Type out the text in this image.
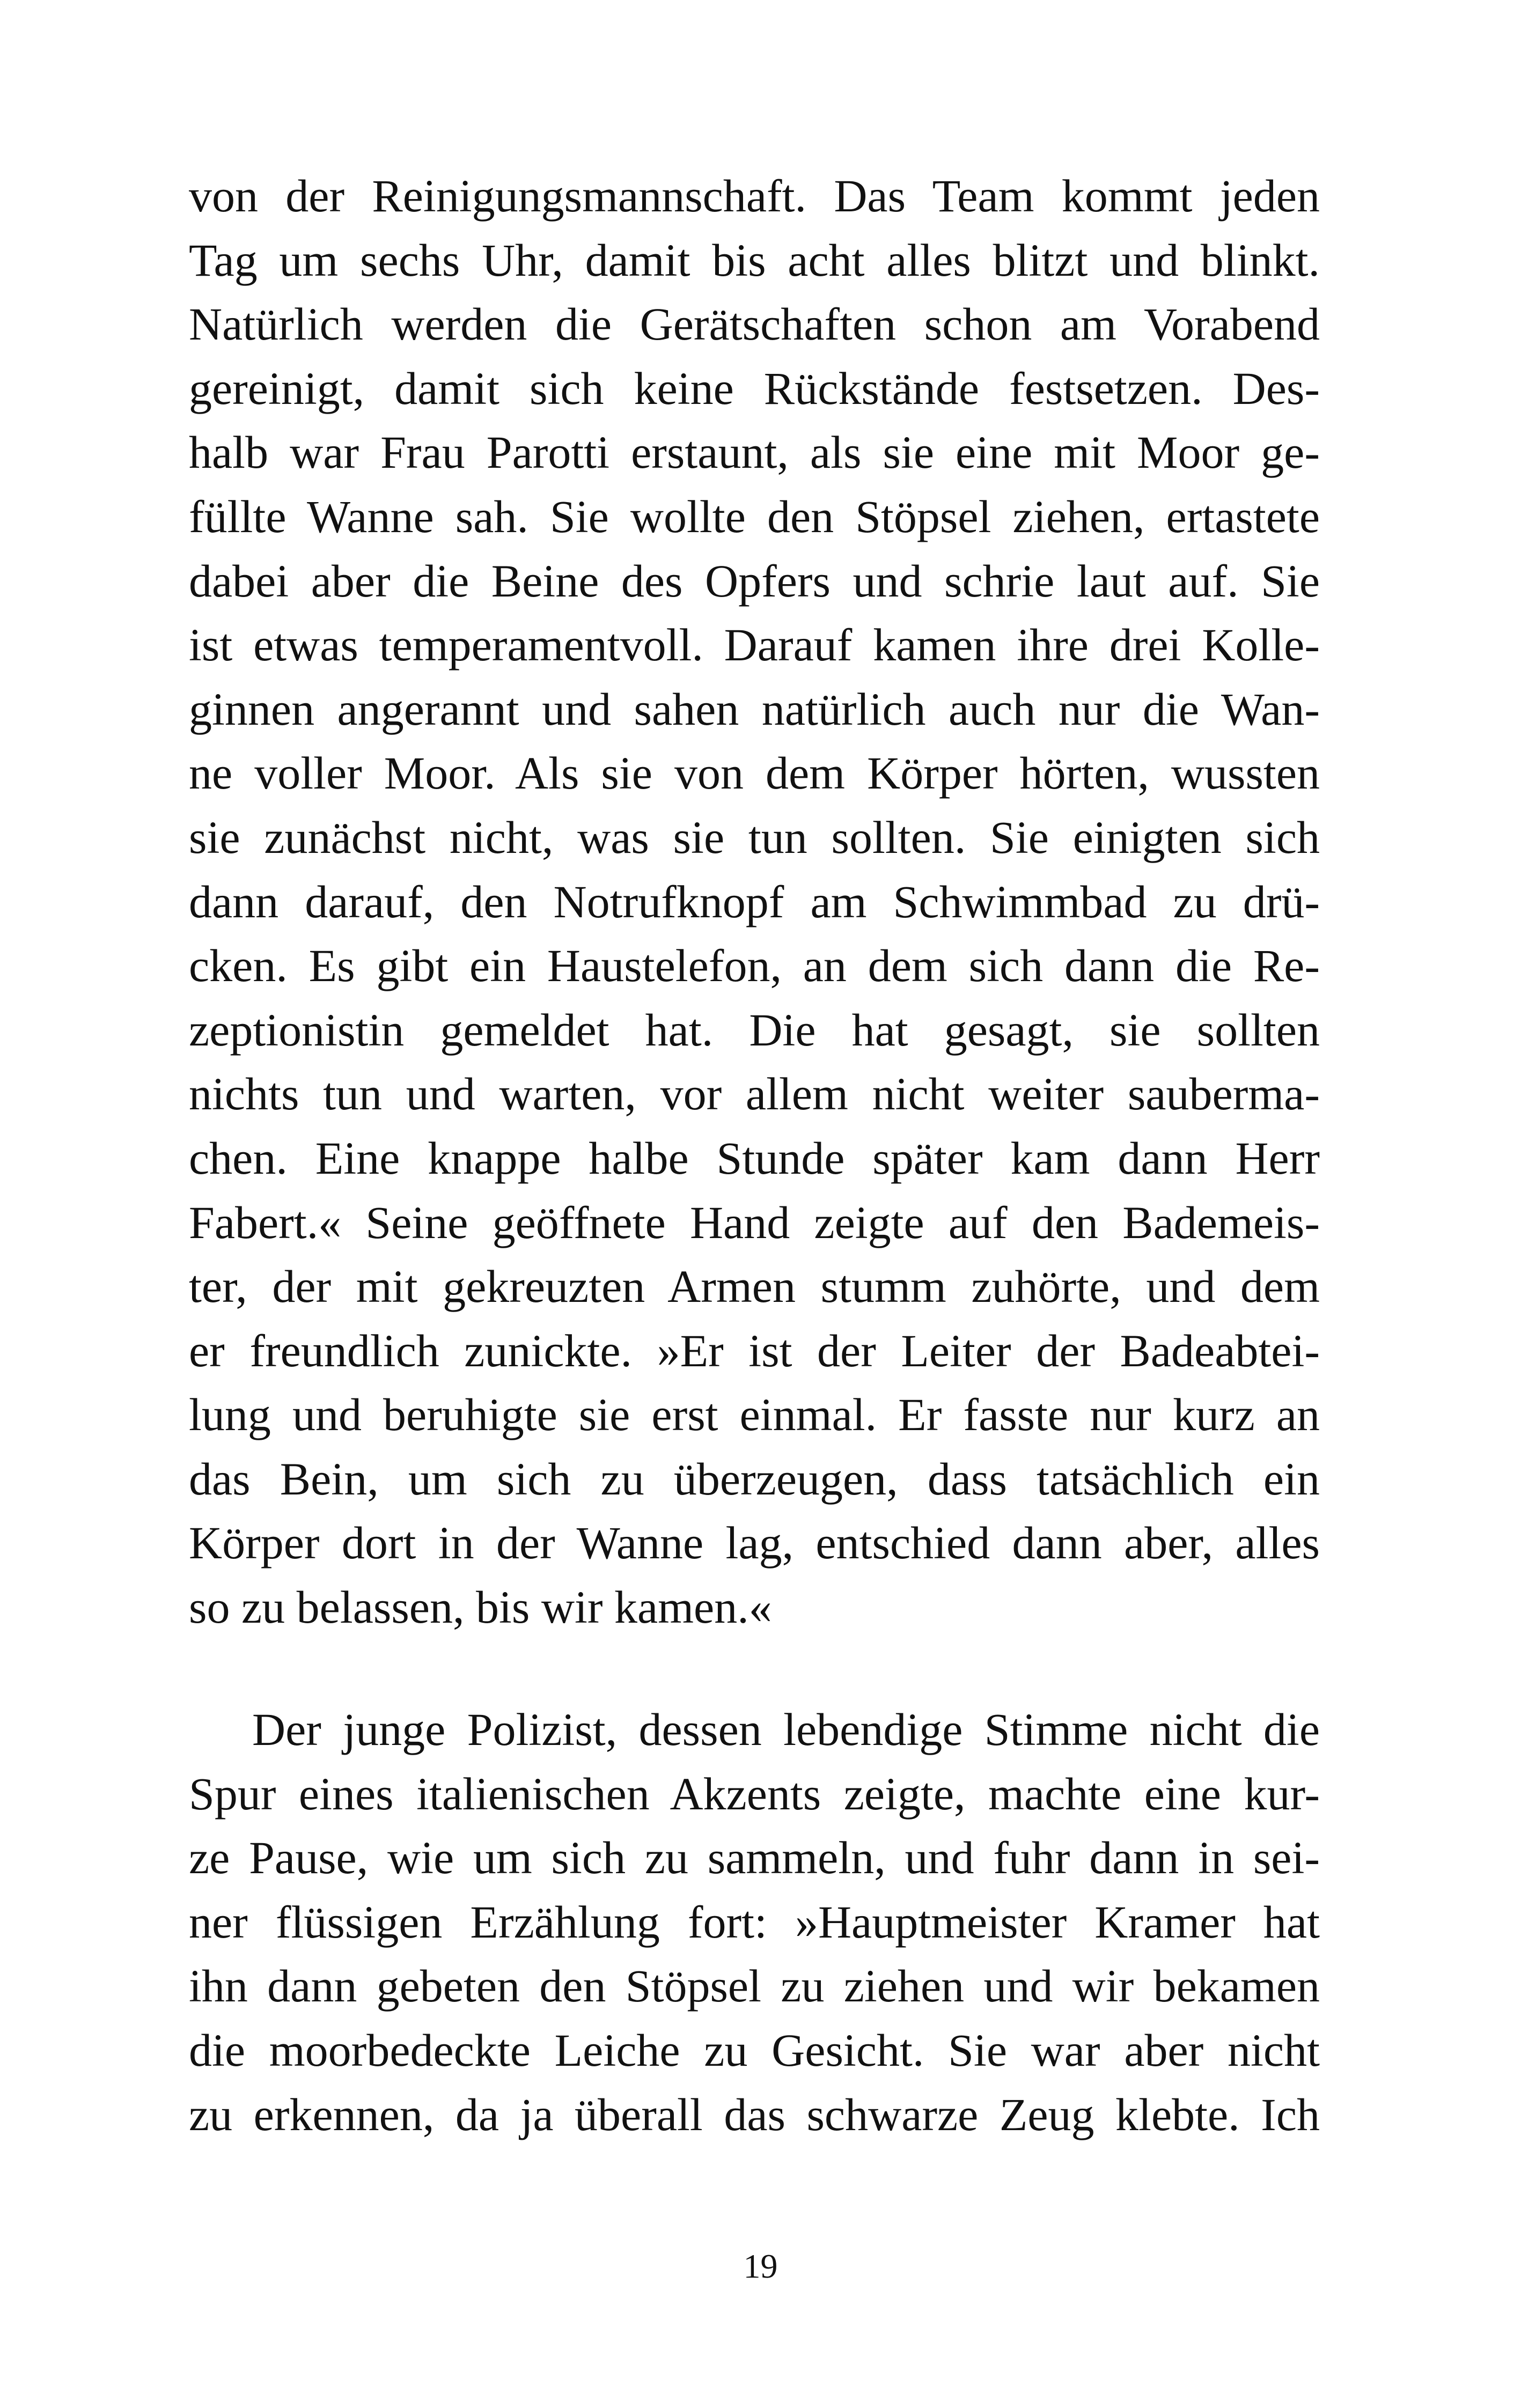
von der Reinigungsmannschaft. Das Team kommt jeden
Tag um sechs Uhr, damit bis acht alles blitzt und blinkt.
Natürlich werden die Gerätschaften schon am Vorabend
gereinigt, damit sich keine Rückstände festsetzen. Des-
halb war Frau Parotti erstaunt, als sie eine mit Moor ge-
füllte Wanne sah. Sie wollte den Stöpsel ziehen, ertastete
dabei aber die Beine des Opfers und schrie laut auf. Sie
ist etwas temperamentvoll. Darauf kamen ihre drei Kolle-
ginnen angerannt und sahen natürlich auch nur die Wan-
ne voller Moor. Als sie von dem Körper hörten, wussten
sie zunächst nicht, was sie tun sollten. Sie einigten sich
dann darauf, den Notrufknopf am Schwimmbad zu drü-
cken. Es gibt ein Haustelefon, an dem sich dann die Re-
zeptionistin gemeldet hat. Die hat gesagt, sie sollten
nichts tun und warten, vor allem nicht weiter sauberma-
chen. Eine knappe halbe Stunde später kam dann Herr
Fabert.« Seine geöffnete Hand zeigte auf den Bademeis-
ter, der mit gekreuzten Armen stumm zuhörte, und dem
er freundlich zunickte. »Er ist der Leiter der Badeabtei-
lung und beruhigte sie erst einmal. Er fasste nur kurz an
das Bein, um sich zu überzeugen, dass tatsächlich ein
Körper dort in der Wanne lag, entschied dann aber, alles
so zu belassen, bis wir kamen.«
Der junge Polizist, dessen lebendige Stimme nicht die
Spur eines italienischen Akzents zeigte, machte eine kur-
ze Pause, wie um sich zu sammeln, und fuhr dann in sei-
ner flüssigen Erzählung fort: »Hauptmeister Kramer hat
ihn dann gebeten den Stöpsel zu ziehen und wir bekamen
die moorbedeckte Leiche zu Gesicht. Sie war aber nicht
zu erkennen, da ja überall das schwarze Zeug klebte. Ich
19
